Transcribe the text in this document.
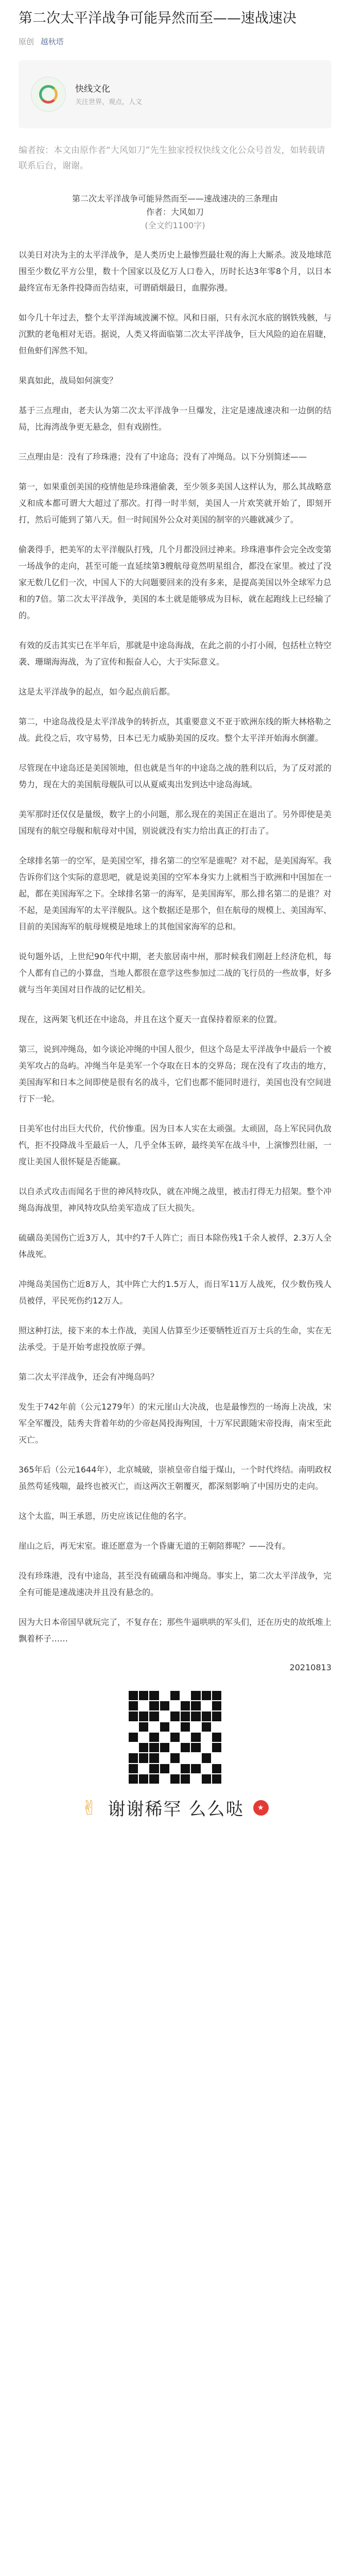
第二次太平洋战争可能异然而至——速战速决
原创 越秋塔
快线文化
关注世界，观点，人文

编者按：本文由原作者“大风如刀”先生独家授权快线文化公众号首发，如转载请联系后台，谢谢。

第二次太平洋战争可能异然而至——速战速决的三条理由
作者：大风如刀
(全文约1100字)

以美日对决为主的太平洋战争，是人类历史上最惨烈最壮观的海上大厮杀。波及地球范围至少数亿平方公里，数十个国家以及亿万人口卷入，历时长达3年零8个月，以日本最终宣布无条件投降而告结束，可谓硝烟最日，血腥弥漫。

如今几十年过去，整个太平洋海域波澜不惊。风和日丽，只有永沉水底的钢铁残骸，与沉默的老龟相对无语。据说，人类又将面临第二次太平洋战争，巨大风险的迫在眉睫，但鱼虾们浑然不知。

果真如此，战局如何演变？

基于三点理由，老夫认为第二次太平洋战争一旦爆发，注定是速战速决和一边倒的结局，比海湾战争更无悬念，但有戏剧性。

三点理由是：没有了珍珠港；没有了中途岛；没有了冲绳岛。以下分别简述——

第一，如果重创美国的疫情他是珍珠港偷袭，至少领多美国人这样认为，那么其战略意义和成本都可谓大大超过了那次。打得一时半刻，美国人一片欢笑就开始了，即刻开打，然后可能到了第八天。但一时间国外公众对美国的制宰的兴趣就减少了。

偷袭得手，把美军的太平洋舰队打残，几个月都没回过神来。珍珠港事件会完全改变第一场战争的走向，甚至可能一直延续第3艘航母竟然明星组合，都没在家里。被过了没家无数几亿们一次，中国人下的大问题要回来的没有多来，是提高美国以外全球军力总和的7倍。第二次太平洋战争，美国的本土就是能够成为目标，就在起跑线上已经输了的。

有效的反击其实已在半年后，那就是中途岛海战，在此之前的小打小闹，包括杜立特空袭、珊瑚海海战，为了宣传和振奋人心，大于实际意义。

这是太平洋战争的起点，如今起点前后都。

第二，中途岛战役是太平洋战争的转折点，其重要意义不亚于欧洲东线的斯大林格勒之战。此役之后，攻守易势，日本已无力威胁美国的反攻。整个太平洋开始海水倒灌。

尽管现在中途岛还是美国领地，但也就是当年的中途岛之战的胜利以后，为了反对派的势力，现在大的美国航母舰队可以从夏威夷出发到达中途岛海域。

美军那时还仅仅是量级，数字上的小问题，那么现在的美国正在退出了。另外即使是美国现有的航空母舰和航母对中国，别说就没有实力给出真正的打击了。

全球排名第一的空军，是美国空军，排名第二的空军是谁呢？对不起，是美国海军。我告诉你们这个实际的意思吧，就是说美国的空军本身实力上就相当于欧洲和中国加在一起，都在美国海军之下。全球排名第一的海军，是美国海军，那么排名第二的是谁？对不起，是美国海军的太平洋舰队。这个数据还是那个，但在航母的规模上、美国海军、目前的美国海军的航母规模是地球上的其他国家海军的总和。

说句题外话，上世纪90年代中期，老夫旅居南中州，那时候我们刚赶上经济危机，每个人都有自己的小算盘，当地人都很在意学这些参加过二战的飞行员的一些故事，好多就与当年美国对日作战的记忆相关。

现在，这两架飞机还在中途岛，并且在这个夏天一直保持着原来的位置。

第三，说到冲绳岛，如今谈论冲绳的中国人很少，但这个岛是太平洋战争中最后一个被美军攻占的岛屿。冲绳当年是美军一个夺取在日本的交界岛；现在没有了攻击的地方，美国海军和日本之间即使是很有名的战斗，它们也都不能同时进行，美国也没有空间进行下一轮。

日美军也付出巨大代价，代价惨重。因为日本人实在太顽强。太顽固，岛上军民同仇敌忾，拒不投降战斗至最后一人，几乎全体玉碎，最终美军在战斗中，上演惨烈壮丽，一度让美国人很怀疑是否能赢。

以自杀式攻击而闻名于世的神风特攻队，就在冲绳之战里，被击打得无力招架。整个冲绳岛海战里，神风特攻队给美军造成了巨大损失。

硫磺岛美国伤亡近3万人，其中约7千人阵亡；而日本除伤残1千余人被俘，2.3万人全体战死。

冲绳岛美国伤亡近8万人，其中阵亡大约1.5万人，而日军11万人战死，仅少数伤残人员被俘，平民死伤约12万人。

照这种打法，接下来的本土作战，美国人估算至少还要牺牲近百万士兵的生命，实在无法承受。于是开始考虑投放原子弹。

第二次太平洋战争，还会有冲绳岛吗？

发生于742年前（公元1279年）的宋元崖山大决战，也是最惨烈的一场海上决战，宋军全军覆没，陆秀夫背着年幼的少帝赵昺投海殉国，十万军民跟随宋帝投海，南宋至此灭亡。

365年后（公元1644年），北京城破，崇祯皇帝自缢于煤山，一个时代终结。南明政权虽然苟延残喘，最终也被灭亡，而这两次王朝覆灭，都深刻影响了中国历史的走向。

这个太监，叫王承恩，历史应该记住他的名字。

崖山之后，再无宋室。谁还愿意为一个昏庸无道的王朝陪葬呢？——没有。

没有珍珠港，没有中途岛，甚至没有硫磺岛和冲绳岛。事实上，第二次太平洋战争，完全有可能是速战速决并且没有悬念的。

因为大日本帝国早就玩完了，不复存在；那些牛逼哄哄的军头们，还在历史的故纸堆上飘着杯子……

20210813
✌ 谢谢稀罕 么么哒	★
